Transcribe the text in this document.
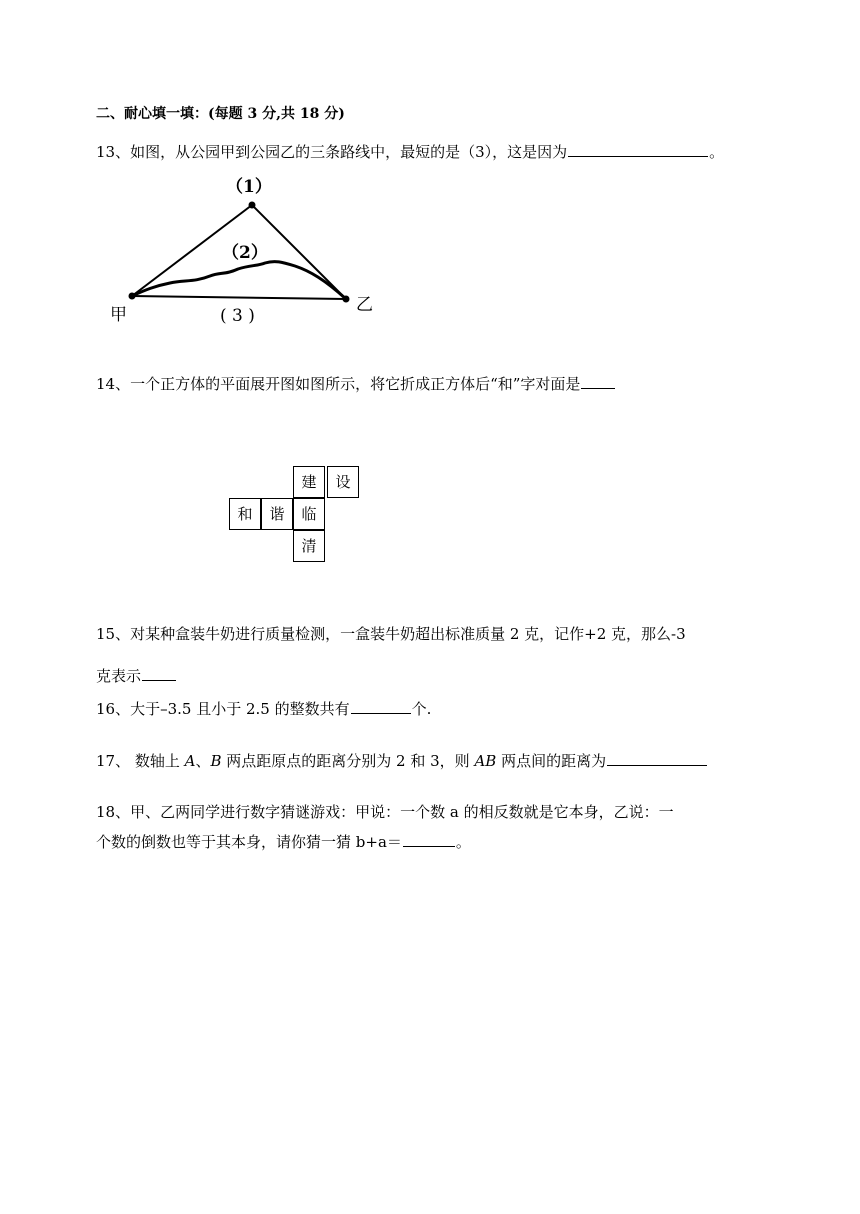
二、耐心填一填：(每题 3 分,共 18 分)
13、如图，从公园甲到公园乙的三条路线中，最短的是（3），这是因为	。
（1）
（2）
( 3 )
甲	乙
14、一个正方体的平面展开图如图所示，将它折成正方体后“和”字对面是
建	设
和	谐	临
清
15、对某种盒装牛奶进行质量检测，一盒装牛奶超出标准质量 2 克，记作+2 克，那么-3
克表示
16、大于–3.5 且小于 2.5 的整数共有	个.
17、 数轴上 A、B 两点距原点的距离分别为 2 和 3，则 AB 两点间的距离为
18、甲、乙两同学进行数字猜谜游戏：甲说：一个数 a 的相反数就是它本身，乙说：一
个数的倒数也等于其本身，请你猜一猜 b+a＝	。
